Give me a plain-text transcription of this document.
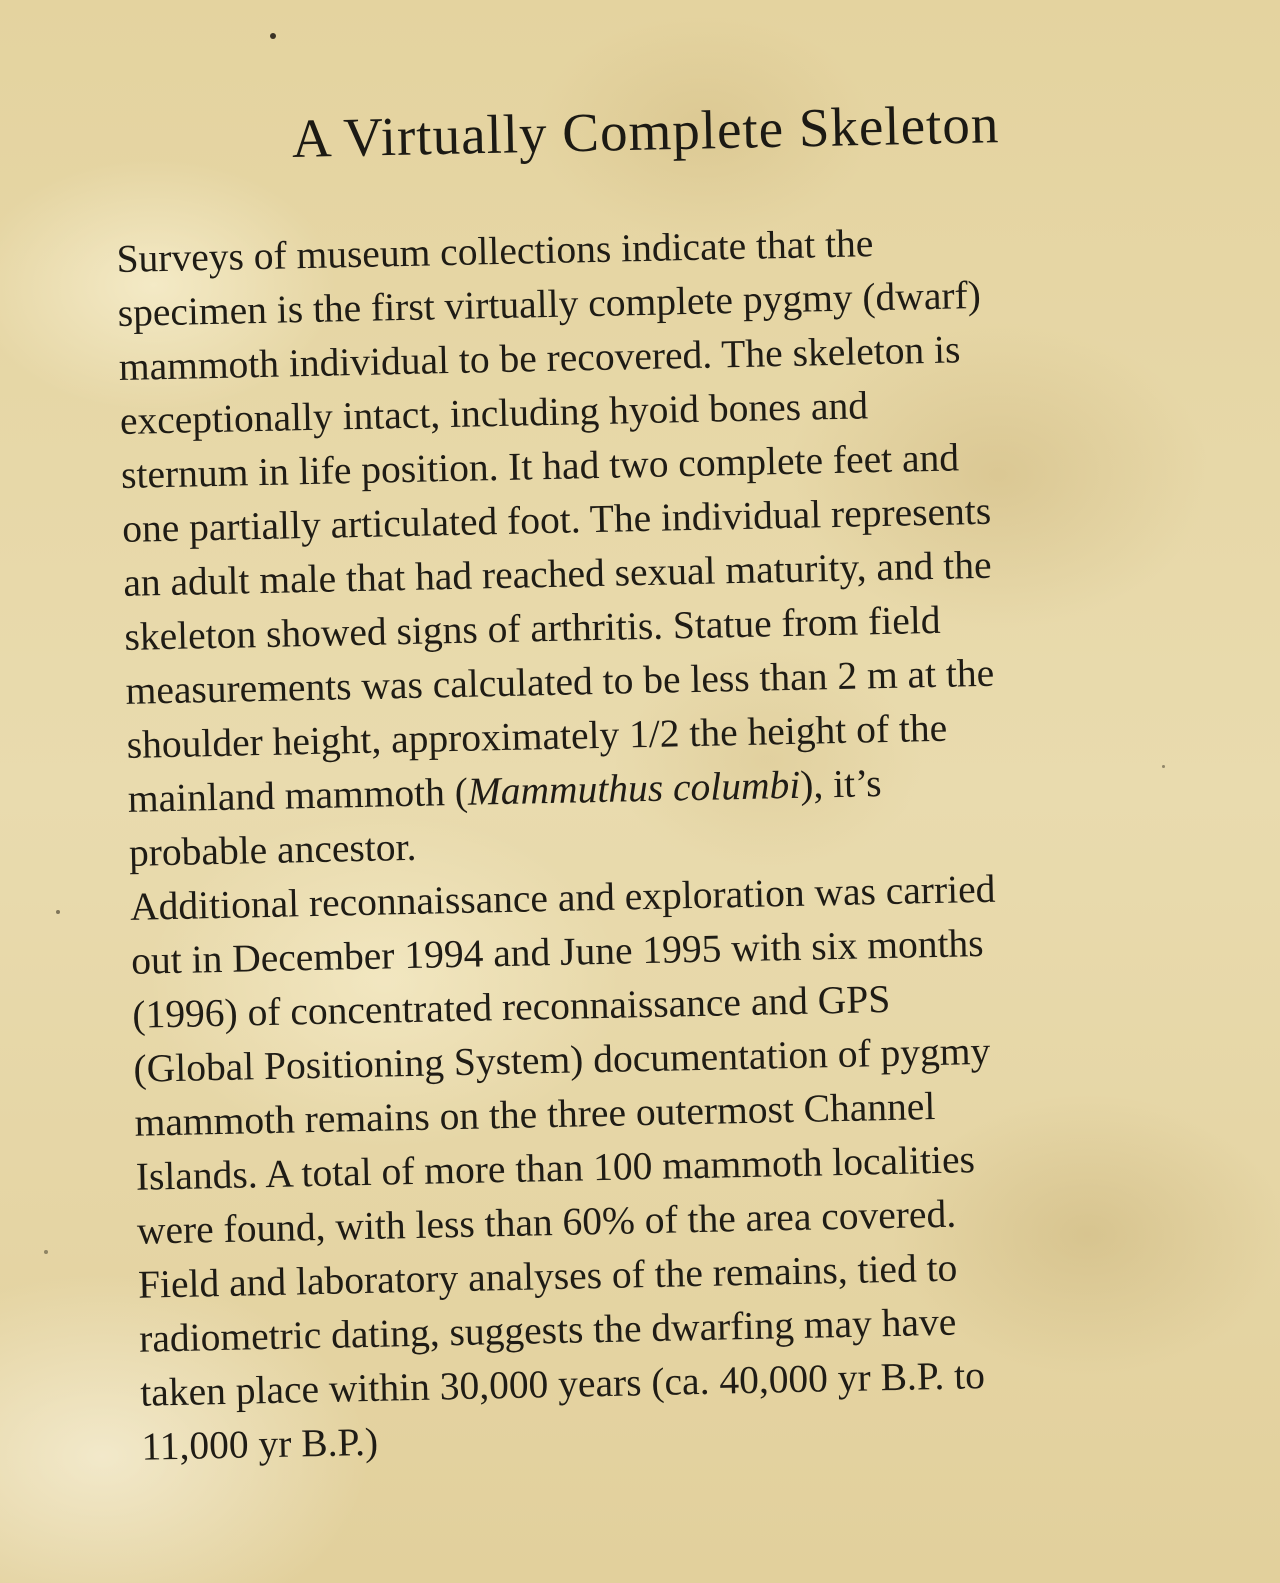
A Virtually Complete Skeleton
Surveys of museum collections indicate that the
specimen is the first virtually complete pygmy (dwarf)
mammoth individual to be recovered. The skeleton is
exceptionally intact, including hyoid bones and
sternum in life position. It had two complete feet and
one partially articulated foot. The individual represents
an adult male that had reached sexual maturity, and the
skeleton showed signs of arthritis. Statue from field
measurements was calculated to be less than 2 m at the
shoulder height, approximately 1/2 the height of the
mainland mammoth (Mammuthus columbi), it’s
probable ancestor.
Additional reconnaissance and exploration was carried
out in December 1994 and June 1995 with six months
(1996) of concentrated reconnaissance and GPS
(Global Positioning System) documentation of pygmy
mammoth remains on the three outermost Channel
Islands. A total of more than 100 mammoth localities
were found, with less than 60% of the area covered.
Field and laboratory analyses of the remains, tied to
radiometric dating, suggests the dwarfing may have
taken place within 30,000 years (ca. 40,000 yr B.P. to
11,000 yr B.P.)
